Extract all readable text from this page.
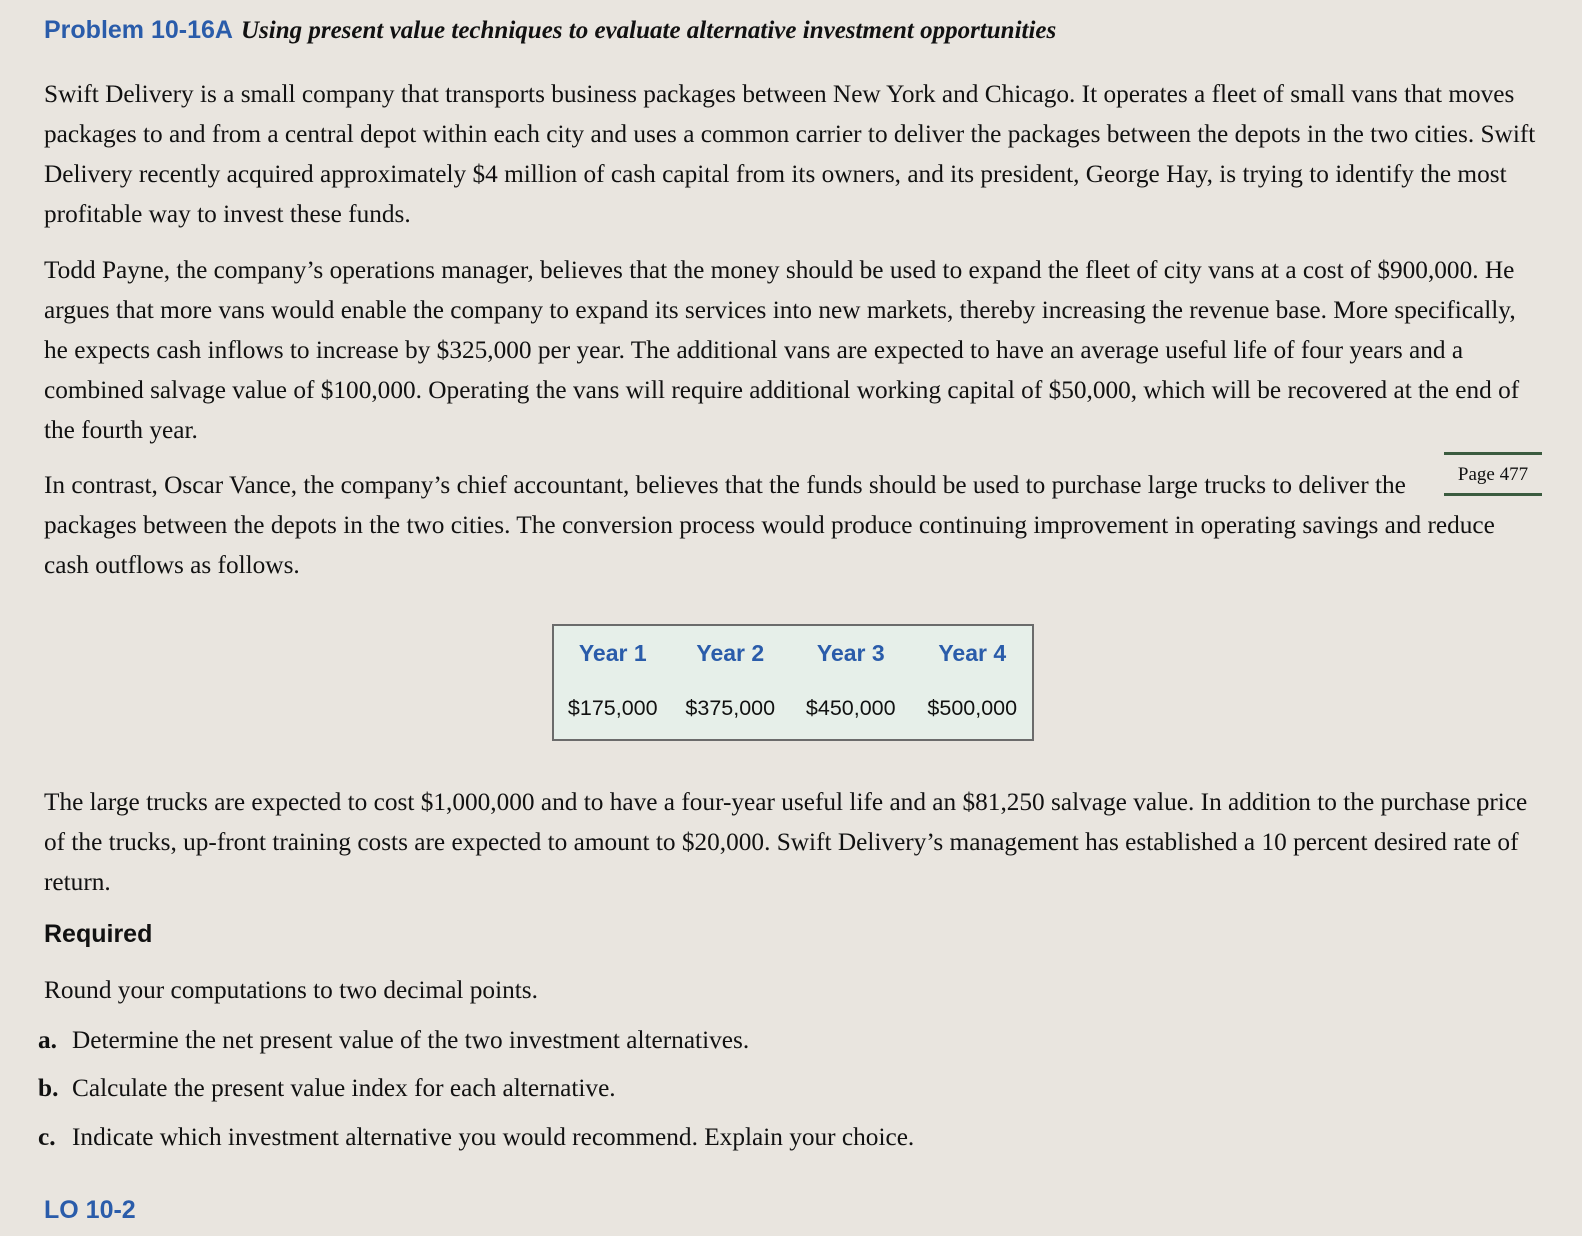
Problem 10-16A Using present value techniques to evaluate alternative investment opportunities

Swift Delivery is a small company that transports business packages between New York and Chicago. It operates a fleet of small vans that moves packages to and from a central depot within each city and uses a common carrier to deliver the packages between the depots in the two cities. Swift Delivery recently acquired approximately $4 million of cash capital from its owners, and its president, George Hay, is trying to identify the most profitable way to invest these funds.

Todd Payne, the company’s operations manager, believes that the money should be used to expand the fleet of city vans at a cost of $900,000. He argues that more vans would enable the company to expand its services into new markets, thereby increasing the revenue base. More specifically, he expects cash inflows to increase by $325,000 per year. The additional vans are expected to have an average useful life of four years and a combined salvage value of $100,000. Operating the vans will require additional working capital of $50,000, which will be recovered at the end of the fourth year.

Page 477

In contrast, Oscar Vance, the company’s chief accountant, believes that the funds should be used to purchase large trucks to deliver the packages between the depots in the two cities. The conversion process would produce continuing improvement in operating savings and reduce cash outflows as follows.

Year 1	Year 2	Year 3	Year 4
$175,000	$375,000	$450,000	$500,000

The large trucks are expected to cost $1,000,000 and to have a four-year useful life and an $81,250 salvage value. In addition to the purchase price of the trucks, up-front training costs are expected to amount to $20,000. Swift Delivery’s management has established a 10 percent desired rate of return.

Required
Round your computations to two decimal points.
a. Determine the net present value of the two investment alternatives.
b. Calculate the present value index for each alternative.
c. Indicate which investment alternative you would recommend. Explain your choice.
LO 10-2
